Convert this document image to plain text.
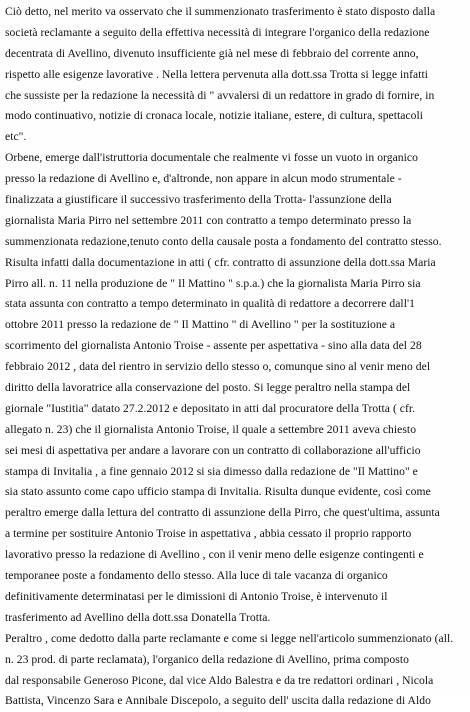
Ciò detto, nel merito va osservato che il summenzionato trasferimento è stato disposto dalla
società reclamante a seguito della effettiva necessità di integrare l'organico della redazione
decentrata di Avellino, divenuto insufficiente già nel mese di febbraio del corrente anno,
rispetto alle esigenze lavorative . Nella lettera pervenuta alla dott.ssa Trotta si legge infatti
che sussiste per la redazione la necessità di " avvalersi di un redattore in grado di fornire, in
modo continuativo, notizie di cronaca locale, notizie italiane, estere, di cultura, spettacoli
etc".
Orbene, emerge dall'istruttoria documentale che realmente vi fosse un vuoto in organico
presso la redazione di Avellino e, d'altronde, non appare in alcun modo strumentale -
finalizzata a giustificare il successivo trasferimento della Trotta- l'assunzione della
giornalista Maria Pirro nel settembre 2011 con contratto a tempo determinato presso la
summenzionata redazione,tenuto conto della causale posta a fondamento del contratto stesso.
Risulta infatti dalla documentazione in atti ( cfr. contratto di assunzione della dott.ssa Maria
Pirro all. n. 11 nella produzione de " Il Mattino " s.p.a.) che la giornalista Maria Pirro sia
stata assunta con contratto a tempo determinato in qualità di redattore a decorrere dall'1
ottobre 2011 presso la redazione de " Il Mattino " di Avellino " per la sostituzione a
scorrimento del giornalista Antonio Troise - assente per aspettativa - sino alla data del 28
febbraio 2012 , data del rientro in servizio dello stesso o, comunque sino al venir meno del
diritto della lavoratrice alla conservazione del posto. Si legge peraltro nella stampa del
giornale "Iustitia" datato 27.2.2012 e depositato in atti dal procuratore della Trotta ( cfr.
allegato n. 23) che il giornalista Antonio Troise, il quale a settembre 2011 aveva chiesto
sei mesi di aspettativa per andare a lavorare con un contratto di collaborazione all'ufficio
stampa di Invitalia , a fine gennaio 2012 si sia dimesso dalla redazione de "Il Mattino" e
sia stato assunto come capo ufficio stampa di Invitalia. Risulta dunque evidente, così come
peraltro emerge dalla lettura del contratto di assunzione della Pirro, che quest'ultima, assunta
a termine per sostituire Antonio Troise in aspettativa , abbia cessato il proprio rapporto
lavorativo presso la redazione di Avellino , con il venir meno delle esigenze contingenti e
temporanee poste a fondamento dello stesso. Alla luce di tale vacanza di organico
definitivamente determinatasi per le dimissioni di Antonio Troise, è intervenuto il
trasferimento ad Avellino della dott.ssa Donatella Trotta.
Peraltro , come dedotto dalla parte reclamante e come si legge nell'articolo summenzionato (all.
n. 23 prod. di parte reclamata), l'organico della redazione di Avellino, prima composto
dal responsabile Generoso Picone, dal vice Aldo Balestra e da tre redattori ordinari , Nicola
Battista, Vincenzo Sara e Annibale Discepolo, a seguito dell' uscita dalla redazione di Aldo
